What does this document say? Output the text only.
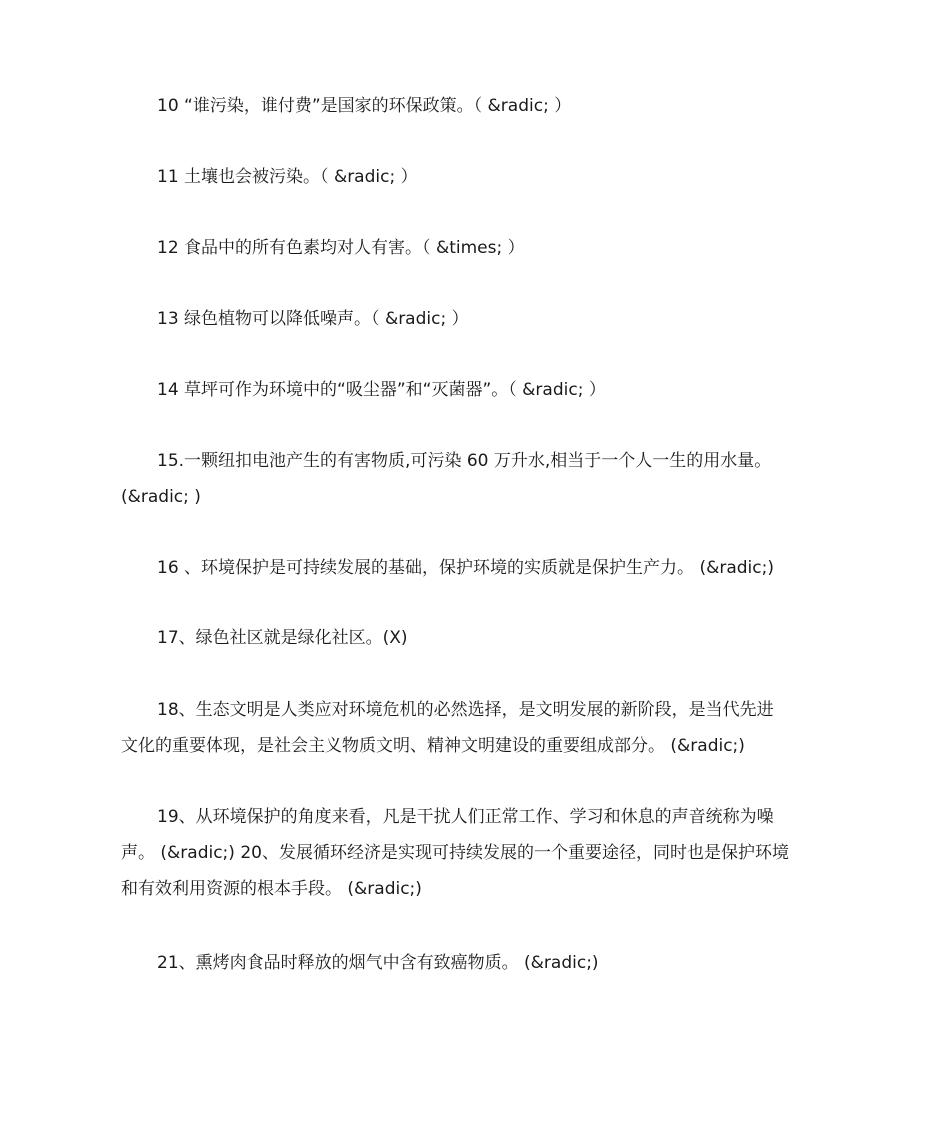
10 “谁污染，谁付费”是国家的环保政策。（ &radic; ）
11 土壤也会被污染。（ &radic; ）
12 食品中的所有色素均对人有害。（ &times; ）
13 绿色植物可以降低噪声。（ &radic; ）
14 草坪可作为环境中的“吸尘器”和“灭菌器”。（ &radic; ）
15.一颗纽扣电池产生的有害物质,可污染 60 万升水,相当于一个人一生的用水量。
(&radic; )
16 、环境保护是可持续发展的基础，保护环境的实质就是保护生产力。 (&radic;)
17、绿色社区就是绿化社区。(X)
18、生态文明是人类应对环境危机的必然选择，是文明发展的新阶段，是当代先进
文化的重要体现，是社会主义物质文明、精神文明建设的重要组成部分。 (&radic;)
19、从环境保护的角度来看，凡是干扰人们正常工作、学习和休息的声音统称为噪
声。 (&radic;) 20、发展循环经济是实现可持续发展的一个重要途径，同时也是保护环境
和有效利用资源的根本手段。 (&radic;)
21、熏烤肉食品时释放的烟气中含有致癌物质。 (&radic;)
